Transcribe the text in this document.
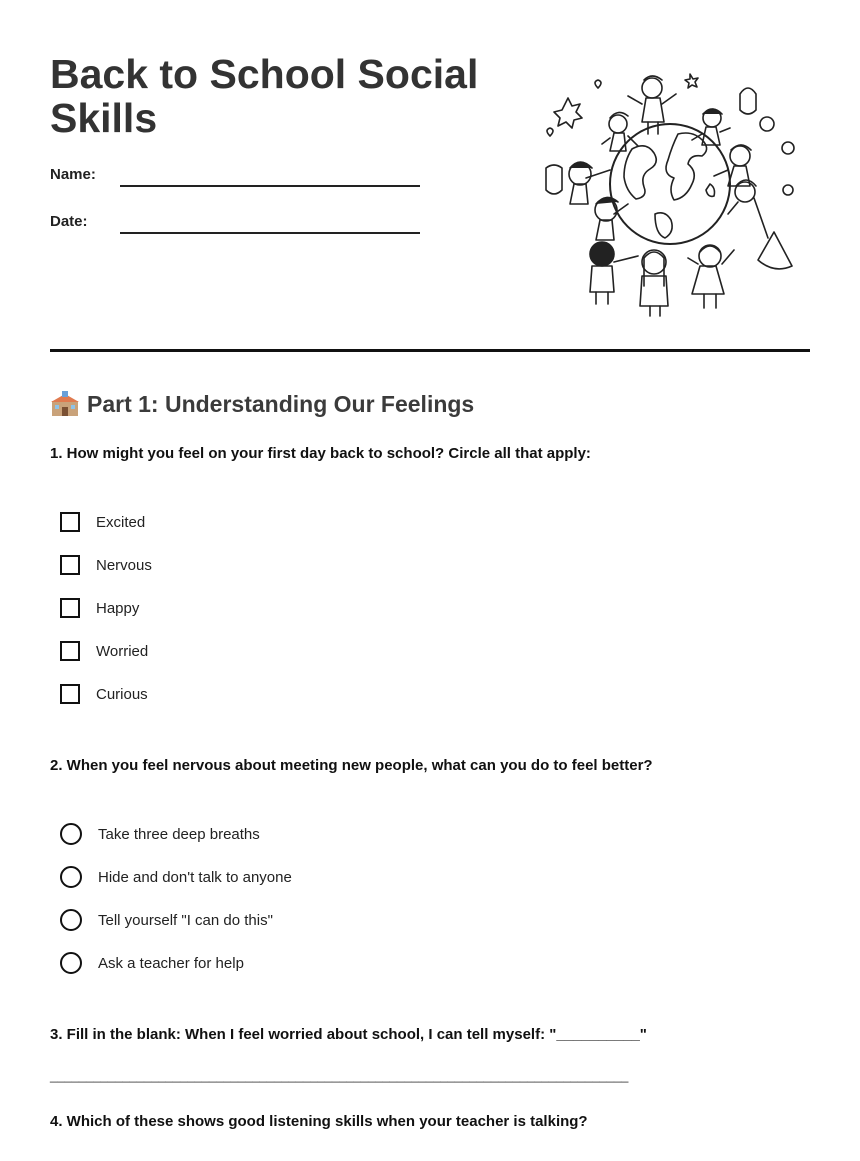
Back to School Social Skills
Name:
Date:
Part 1: Understanding Our Feelings
1. How might you feel on your first day back to school? Circle all that apply:
Excited
Nervous
Happy
Worried
Curious
2. When you feel nervous about meeting new people, what can you do to feel better?
Take three deep breaths
Hide and don't talk to anyone
Tell yourself "I can do this"
Ask a teacher for help
3. Fill in the blank: When I feel worried about school, I can tell myself: "__________"
________________________________________________________________________________
4. Which of these shows good listening skills when your teacher is talking?
